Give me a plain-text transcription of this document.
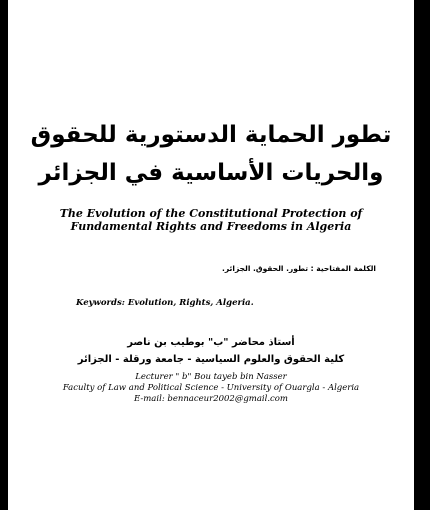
تطور الحماية الدستورية للحقوق
والحريات الأساسية في الجزائر
The Evolution of the Constitutional Protection of
Fundamental Rights and Freedoms in Algeria
الكلمة المفتاحية : تطور. الحقوق. الجزائر.
Keywords: Evolution, Rights, Algeria.
أستاذ محاضر "ب" بوطيب بن ناصر
كلية الحقوق والعلوم السياسية - جامعة ورقلة - الجزائر
Lecturer " b" Bou tayeb bin Nasser
Faculty of Law and Political Science - University of Ouargla - Algeria
E-mail: bennaceur2002@gmail.com
